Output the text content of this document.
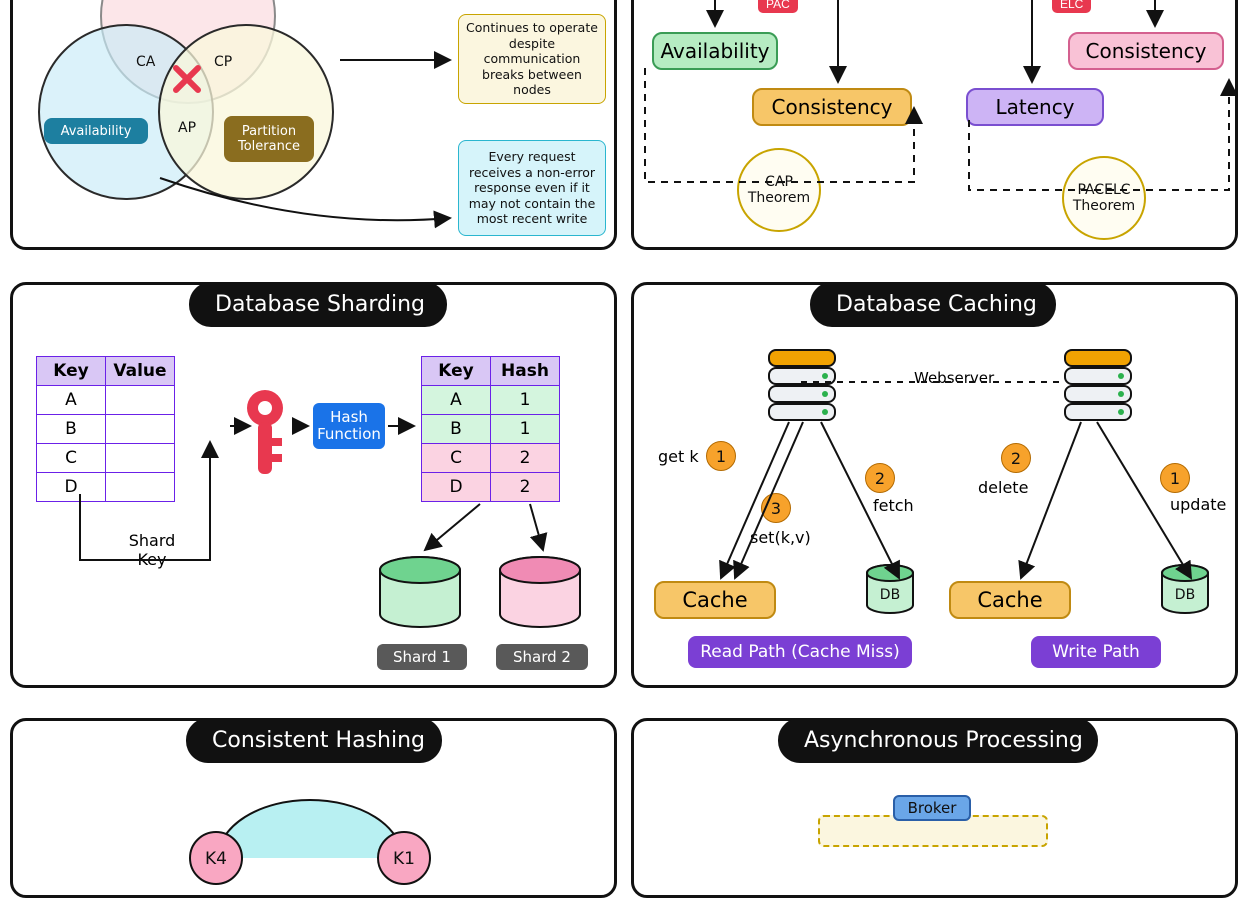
CA	CP
AP
Availability	Partition
Tolerance
Continues to operate despite communication breaks between nodes
Every request receives a non-error response even if it may not contain the most recent write
PAC	ELC
Availability
Consistency
CAP
Theorem
Consistency
Latency
PACELC
Theorem
Database Sharding
Key	Value
A	
B	
C	
D	
Hash
Function
Key	Hash
A	1
B	1
C	2
D	2
Shard
Key
Shard 1	Shard 2
Database Caching
Webserver
get k	1
3
set(k,v)
2
fetch
2
delete	1
update
Cache	Cache
DB	DB
Read Path (Cache Miss)	Write Path
Consistent Hashing
K4	K1
Asynchronous Processing
Broker
